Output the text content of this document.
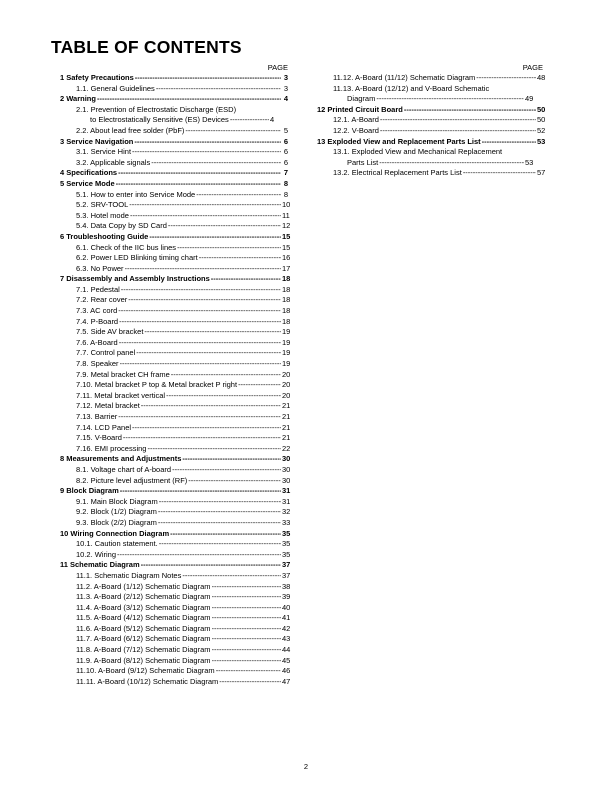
TABLE OF CONTENTS
PAGE
1 Safety Precautions -----	3
1.1. General Guidelines -----	3
2 Warning -----	4
2.1. Prevention of Electrostatic Discharge (ESD)
to Electrostatically Sensitive (ES) Devices -----	4
2.2. About lead free solder (PbF) -----	5
3 Service Navigation -----	6
3.1. Service Hint -----	6
3.2. Applicable signals -----	6
4 Specifications -----	7
5 Service Mode -----	8
5.1. How to enter into Service Mode -----	8
5.2. SRV-TOOL -----	10
5.3. Hotel mode -----	11
5.4. Data Copy by SD Card -----	12
6 Troubleshooting Guide -----	15
6.1. Check of the IIC bus lines -----	15
6.2. Power LED Blinking timing chart -----	16
6.3. No Power -----	17
7 Disassembly and Assembly Instructions -----	18
7.1. Pedestal -----	18
7.2. Rear cover -----	18
7.3. AC cord -----	18
7.4. P-Board -----	18
7.5. Side AV bracket -----	19
7.6. A-Board -----	19
7.7. Control panel -----	19
7.8. Speaker -----	19
7.9. Metal bracket CH frame -----	20
7.10. Metal bracket P top & Metal bracket P right -----	20
7.11. Metal bracket vertical -----	20
7.12. Metal bracket -----	21
7.13. Barrier -----	21
7.14. LCD Panel -----	21
7.15. V-Board -----	21
7.16. EMI processing -----	22
8 Measurements and Adjustments -----	30
8.1. Voltage chart of A-board -----	30
8.2. Picture level adjustment (RF) -----	30
9 Block Diagram -----	31
9.1. Main Block Diagram -----	31
9.2. Block (1/2) Diagram -----	32
9.3. Block (2/2) Diagram -----	33
10 Wiring Connection Diagram -----	35
10.1. Caution statement. -----	35
10.2. Wiring -----	35
11 Schematic Diagram -----	37
11.1. Schematic Diagram Notes -----	37
11.2. A-Board (1/12) Schematic Diagram -----	38
11.3. A-Board (2/12) Schematic Diagram -----	39
11.4. A-Board (3/12) Schematic Diagram -----	40
11.5. A-Board (4/12) Schematic Diagram -----	41
11.6. A-Board (5/12) Schematic Diagram -----	42
11.7. A-Board (6/12) Schematic Diagram -----	43
11.8. A-Board (7/12) Schematic Diagram -----	44
11.9. A-Board (8/12) Schematic Diagram -----	45
11.10. A-Board (9/12) Schematic Diagram -----	46
11.11. A-Board (10/12) Schematic Diagram -----	47
PAGE
11.12. A-Board (11/12) Schematic Diagram -----	48
11.13. A-Board (12/12) and V-Board Schematic
Diagram -----	49
12 Printed Circuit Board -----	50
12.1. A-Board -----	50
12.2. V-Board -----	52
13 Exploded View and Replacement Parts List -----	53
13.1. Exploded View and Mechanical Replacement
Parts List -----	53
13.2. Electrical Replacement Parts List -----	57
2
